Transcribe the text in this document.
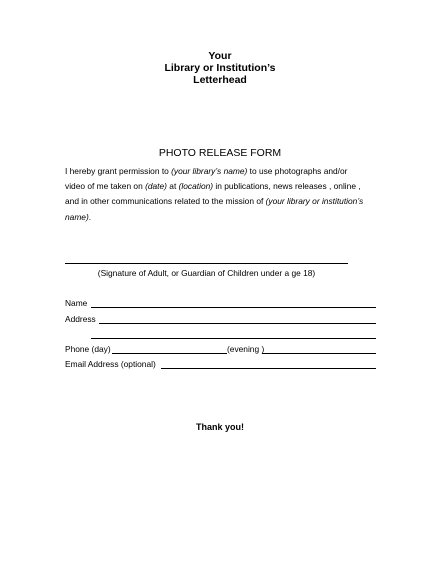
Your
Library or Institution’s
Letterhead
PHOTO RELEASE FORM
I hereby grant permission to (your library’s name) to use photographs and/or
video of me taken on (date) at (location) in publications, news releases , online ,
and in other communications related to the mission of (your library or institution’s
name).
(Signature of Adult, or Guardian of Children under a ge 18)
Name
Address
Phone (day)	(evening )
Email Address (optional)
Thank you!
